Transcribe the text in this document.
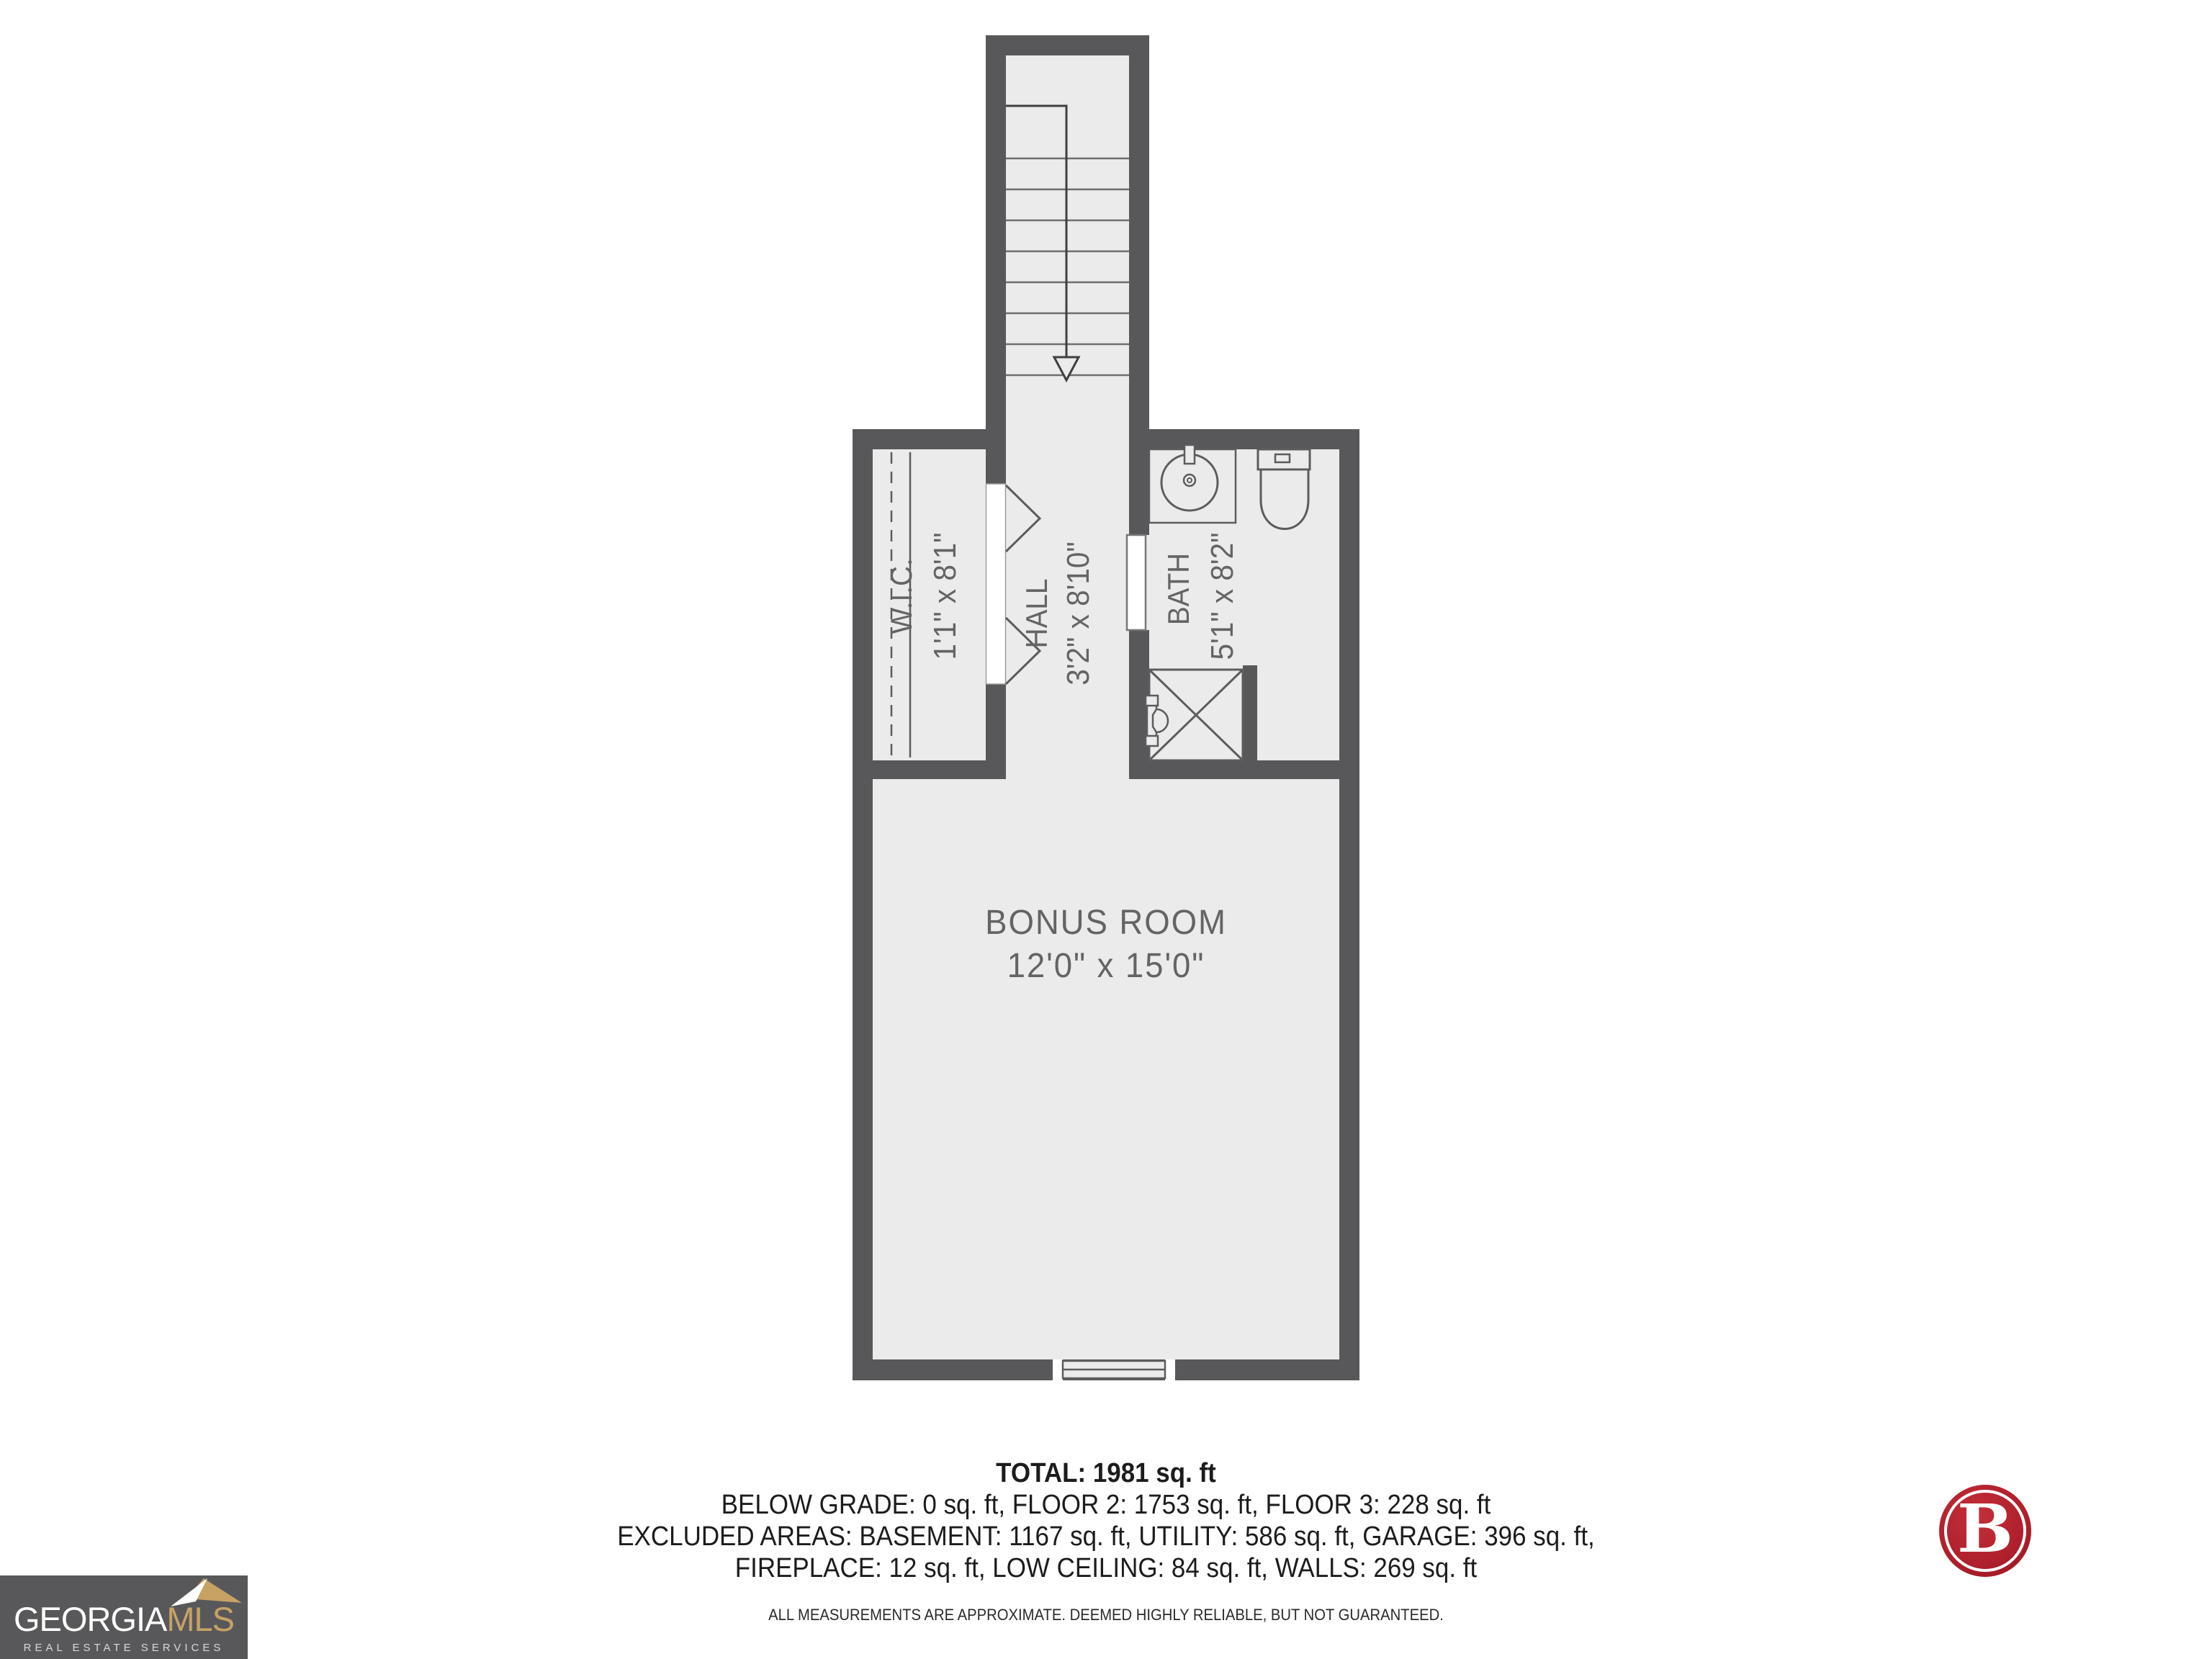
W.I.C. 1'1" x 8'1" HALL 3'2" x 8'10" BATH 5'1" x 8'2"
BONUS ROOM
12'0" x 15'0"
TOTAL: 1981 sq. ft
BELOW GRADE: 0 sq. ft, FLOOR 2: 1753 sq. ft, FLOOR 3: 228 sq. ft
EXCLUDED AREAS: BASEMENT: 1167 sq. ft, UTILITY: 586 sq. ft, GARAGE: 396 sq. ft,
FIREPLACE: 12 sq. ft, LOW CEILING: 84 sq. ft, WALLS: 269 sq. ft
ALL MEASUREMENTS ARE APPROXIMATE. DEEMED HIGHLY RELIABLE, BUT NOT GUARANTEED.
GEORGIAMLS
REAL ESTATE SERVICES
B
